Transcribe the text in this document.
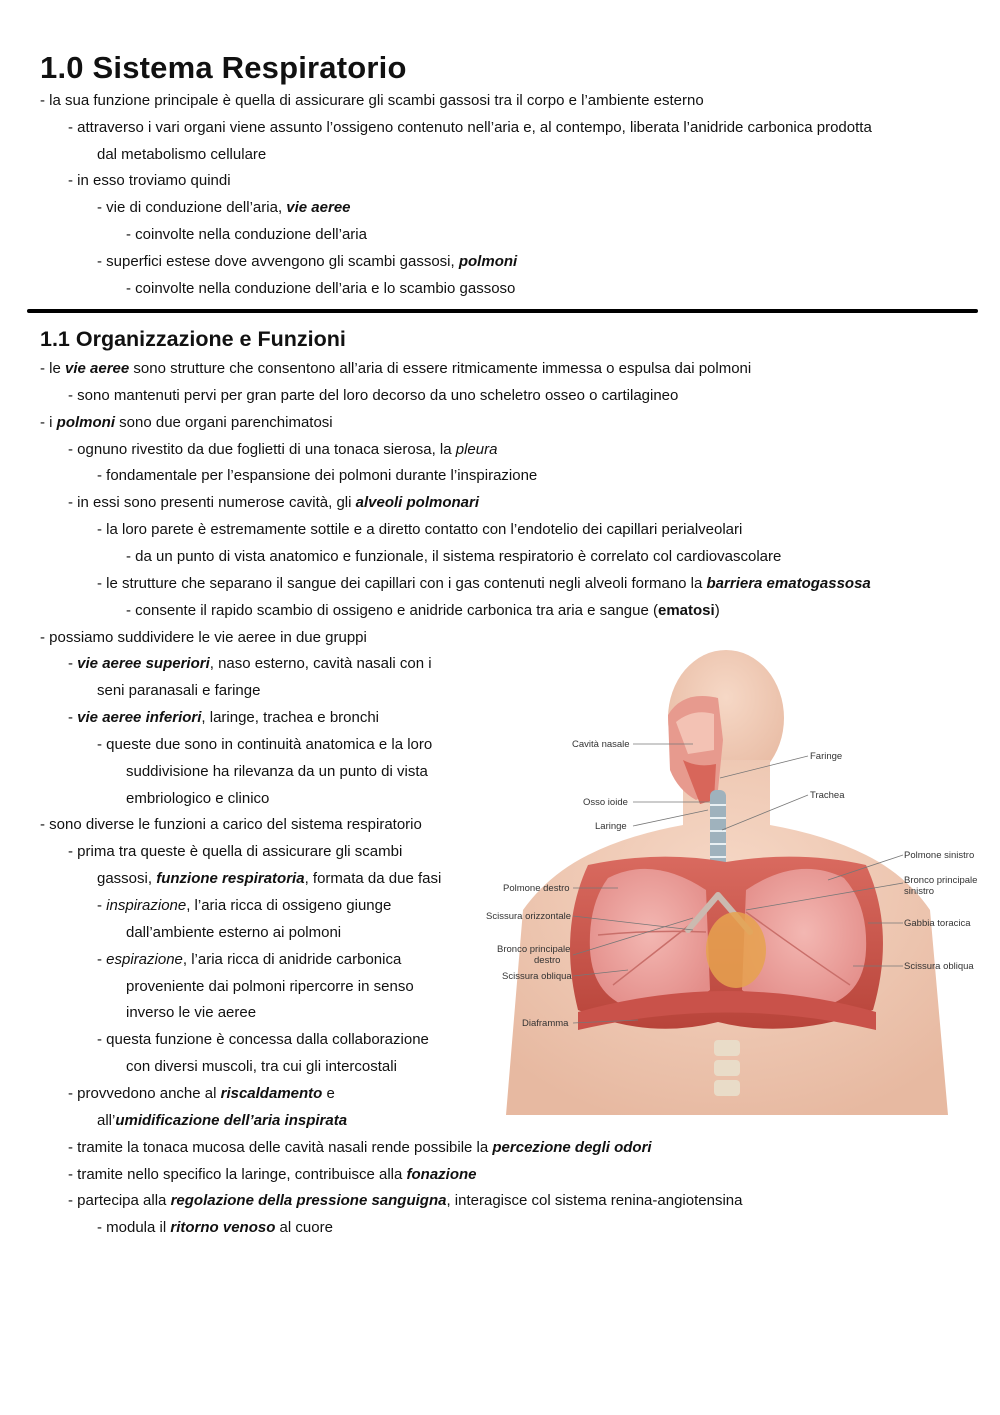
1.0 Sistema Respiratorio
- la sua funzione principale è quella di assicurare gli scambi gassosi tra il corpo e l’ambiente esterno
- attraverso i vari organi viene assunto l’ossigeno contenuto nell’aria e, al contempo, liberata l’anidride carbonica prodotta
dal metabolismo cellulare
- in esso troviamo quindi
- vie di conduzione dell’aria, vie aeree
- coinvolte nella conduzione dell’aria
- superfici estese dove avvengono gli scambi gassosi, polmoni
- coinvolte nella conduzione dell’aria e lo scambio gassoso
1.1 Organizzazione e Funzioni
- le vie aeree sono strutture che consentono all’aria di essere ritmicamente immessa o espulsa dai polmoni
- sono mantenuti pervi per gran parte del loro decorso da uno scheletro osseo o cartilagineo
- i polmoni sono due organi parenchimatosi
- ognuno rivestito da due foglietti di una tonaca sierosa, la pleura
- fondamentale per l’espansione dei polmoni durante l’inspirazione
- in essi sono presenti numerose cavità, gli alveoli polmonari
- la loro parete è estremamente sottile e a diretto contatto con l’endotelio dei capillari perialveolari
- da un punto di vista anatomico e funzionale, il sistema respiratorio è correlato col cardiovascolare
- le strutture che separano il sangue dei capillari con i gas contenuti negli alveoli formano la barriera ematogassosa
- consente il rapido scambio di ossigeno e anidride carbonica tra aria e sangue (ematosi)
- possiamo suddividere le vie aeree in due gruppi
- vie aeree superiori, naso esterno, cavità nasali con i
seni paranasali e faringe
- vie aeree inferiori, laringe, trachea e bronchi
- queste due sono in continuità anatomica e la loro
suddivisione ha rilevanza da un punto di vista
embriologico e clinico
- sono diverse le funzioni a carico del sistema respiratorio
- prima tra queste è quella di assicurare gli scambi
gassosi, funzione respiratoria, formata da due fasi
- inspirazione, l’aria ricca di ossigeno giunge
dall’ambiente esterno ai polmoni
- espirazione, l’aria ricca di anidride carbonica
proveniente dai polmoni ripercorre in senso
inverso le vie aeree
- questa funzione è concessa dalla collaborazione
con diversi muscoli, tra cui gli intercostali
- provvedono anche al riscaldamento e
all’umidificazione dell’aria inspirata
- tramite la tonaca mucosa delle cavità nasali rende possibile la percezione degli odori
- tramite nello specifico la laringe, contribuisce alla fonazione
- partecipa alla regolazione della pressione sanguigna, interagisce col sistema renina-angiotensina
- modula il ritorno venoso al cuore
Cavità nasale
Faringe
Trachea
Osso ioide
Laringe
Polmone sinistro
Bronco principale
sinistro
Polmone destro
Scissura orizzontale
Gabbia toracica
Bronco principale
destro
Scissura obliqua
Scissura obliqua
Diaframma
